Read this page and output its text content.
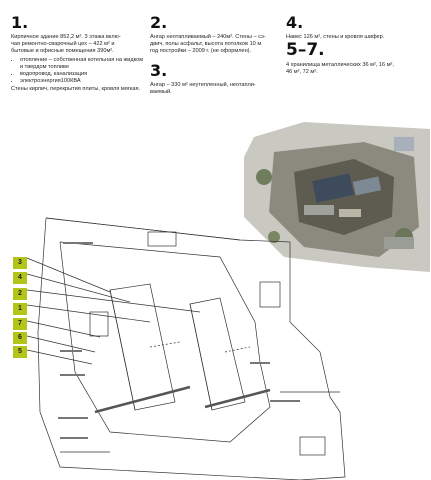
1.

Кирпичное здание 852,2 м². 3 этажа вклю-

чая ремонтно-сварочный цех – 422 м² и

бытовые и офисные помещения 390м².

• отопление – собственная котельная на жидком и твердом топливе
• водопровод, канализация
• электроэнергия100КВА

Стены кирпич, перекрытия плиты, кровля мягкая.

2.

Ангар неотапливаемый – 240м². Стены – сэ-

двич, полы асфальт, высота потолков 10 м

год постройки – 2009 г. (не оформлен).

3.

Ангар – 330 м² неутепленный, неотапли-

ваемый.

4.

Навес 126 м², стены и кровля шифер.

5–7.

4 хранилища металлических 36 м², 16 м²,

46 м², 72 м².

3
4
2
1
7
6
5
